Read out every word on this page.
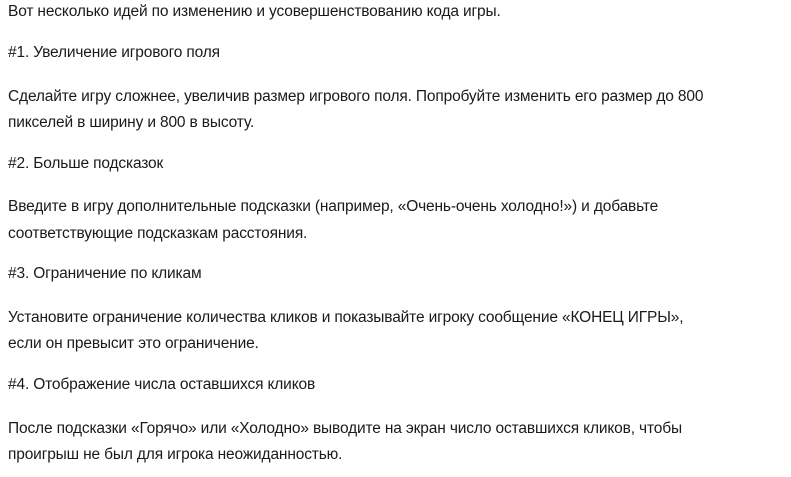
Вот несколько идей по изменению и усовершенствованию кода игры.
#1. Увеличение игрового поля
Сделайте игру сложнее, увеличив размер игрового поля. Попробуйте изменить его размер до 800
пикселей в ширину и 800 в высоту.
#2. Больше подсказок
Введите в игру дополнительные подсказки (например, «Очень-очень холодно!») и добавьте
соответствующие подсказкам расстояния.
#3. Ограничение по кликам
Установите ограничение количества кликов и показывайте игроку сообщение «КОНЕЦ ИГРЫ»,
если он превысит это ограничение.
#4. Отображение числа оставшихся кликов
После подсказки «Горячо» или «Холодно» выводите на экран число оставшихся кликов, чтобы
проигрыш не был для игрока неожиданностью.
